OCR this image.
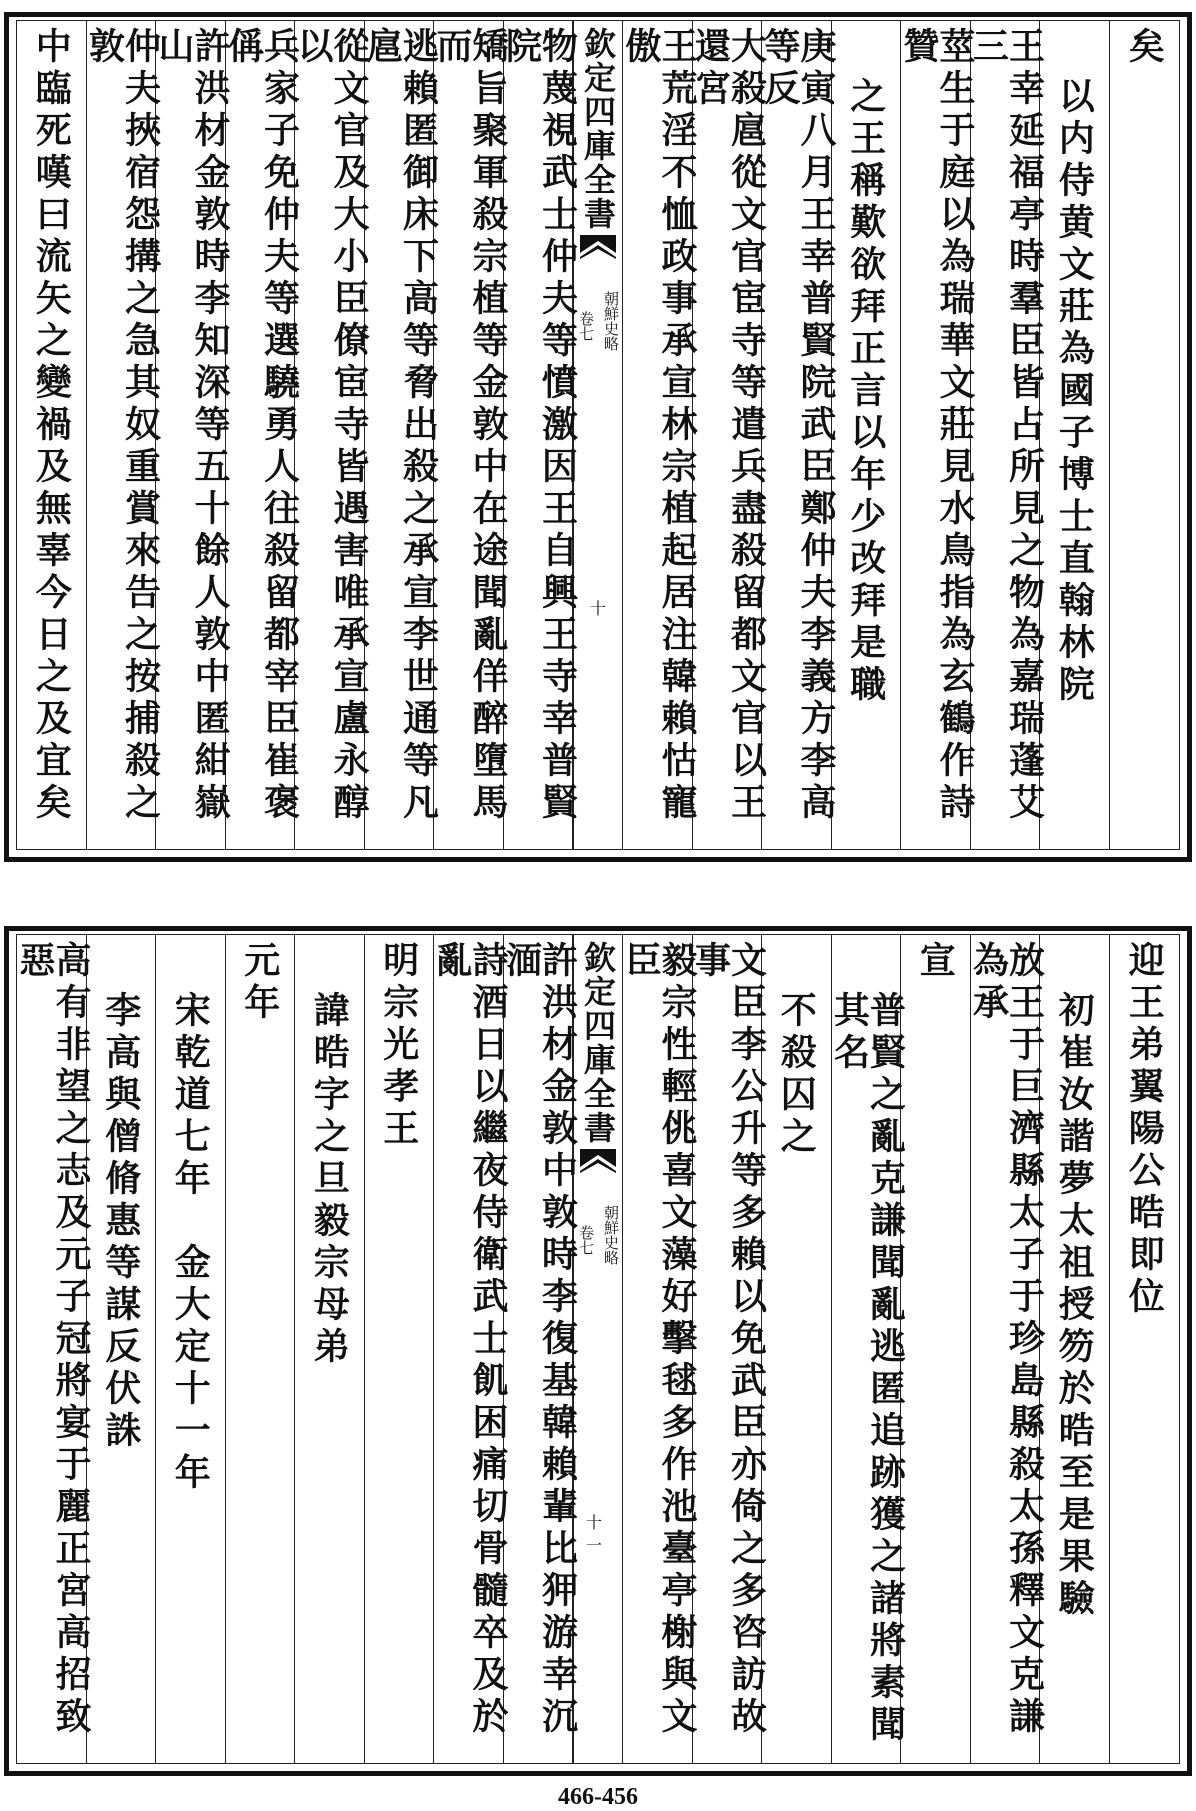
矣
以内侍黄文莊為國子博士直翰林院
王幸延福亭時羣臣皆占所見之物為嘉瑞蓬艾三
莖生于庭以為瑞華文莊見水鳥指為玄鶴作詩贊
之王稱歎欲拜正言以年少改拜是職
庚寅八月王幸普賢院武臣鄭仲夫李義方李高等反
大殺扈從文官宦寺等遣兵盡殺留都文官以王還宮
王荒淫不恤政事承宣林宗植起居注韓賴怙寵傲
欽定四庫全書
朝鮮史略
卷七
十
物蔑視武士仲夫等憤激因王自興王寺幸普賢院
矯旨聚軍殺宗植等金敦中在途聞亂佯醉墮馬而
逃賴匿御床下高等脅出殺之承宣李世通等凡扈
從文官及大小臣僚宦寺皆遇害唯承宣盧永醇以
兵家子免仲夫等選驍勇人往殺留都宰臣崔褒偁
許洪材金敦時李知深等五十餘人敦中匿紺嶽山
仲夫挾宿怨搆之急其奴重賞來告之按捕殺之敦
中臨死嘆曰流矢之變禍及無辜今日之及宜矣
迎王弟翼陽公晧即位
初崔汝諧夢太祖授笏於晧至是果驗
放王于巨濟縣太子于珍島縣殺太孫釋文克謙為承
宣
普賢之亂克謙聞亂逃匿追跡獲之諸將素聞其名
不殺囚之
文臣李公升等多賴以免武臣亦倚之多咨訪故事
毅宗性輕佻喜文藻好擊毬多作池臺亭榭與文臣
欽定四庫全書
朝鮮史略
卷七
十一
許洪材金敦中敦時李復基韓賴輩比狎游幸沉湎
詩酒日以繼夜侍衛武士飢困痛切骨髓卒及於亂
明宗光孝王
諱晧字之旦毅宗母弟
元年
宋乾道七年　金大定十一年
李高與僧脩惠等謀反伏誅
高有非望之志及元子冠將宴于麗正宮高招致惡
466-456
